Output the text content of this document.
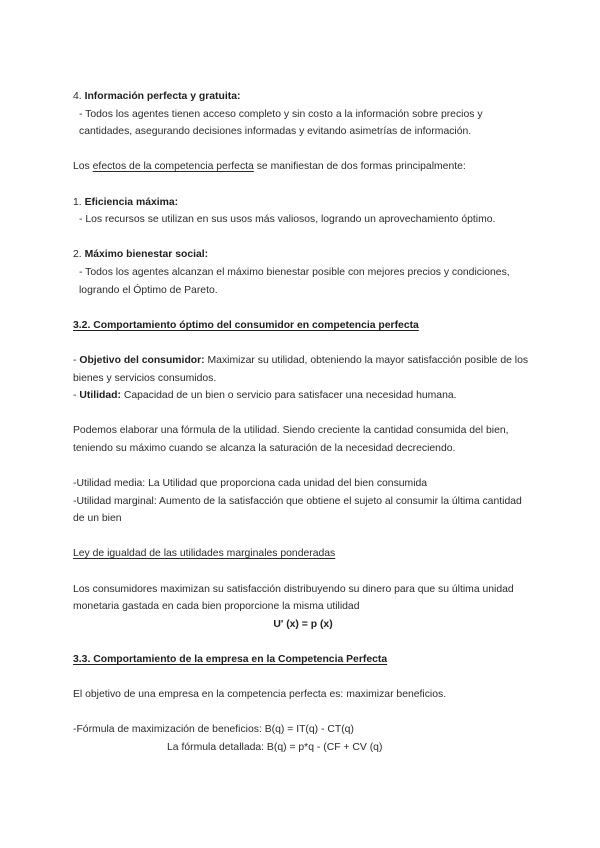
4. Información perfecta y gratuita:

- Todos los agentes tienen acceso completo y sin costo a la información sobre precios y cantidades, asegurando decisiones informadas y evitando asimetrías de información.

Los efectos de la competencia perfecta se manifiestan de dos formas principalmente:

1. Eficiencia máxima:

- Los recursos se utilizan en sus usos más valiosos, logrando un aprovechamiento óptimo.

2. Máximo bienestar social:

- Todos los agentes alcanzan el máximo bienestar posible con mejores precios y condiciones, logrando el Óptimo de Pareto.

3.2. Comportamiento óptimo del consumidor en competencia perfecta

- Objetivo del consumidor: Maximizar su utilidad, obteniendo la mayor satisfacción posible de los bienes y servicios consumidos.

- Utilidad: Capacidad de un bien o servicio para satisfacer una necesidad humana.

Podemos elaborar una fórmula de la utilidad. Siendo creciente la cantidad consumida del bien, teniendo su máximo cuando se alcanza la saturación de la necesidad decreciendo.

-Utilidad media: La Utilidad que proporciona cada unidad del bien consumida

-Utilidad marginal: Aumento de la satisfacción que obtiene el sujeto al consumir la última cantidad de un bien

Ley de igualdad de las utilidades marginales ponderadas

Los consumidores maximizan su satisfacción distribuyendo su dinero para que su última unidad monetaria gastada en cada bien proporcione la misma utilidad

U' (x) = p (x)

3.3. Comportamiento de la empresa en la Competencia Perfecta

El objetivo de una empresa en la competencia perfecta es: maximizar beneficios.

-Fórmula de maximización de beneficios: B(q) = IT(q) - CT(q)

La fórmula detallada: B(q) = p*q - (CF + CV (q)
